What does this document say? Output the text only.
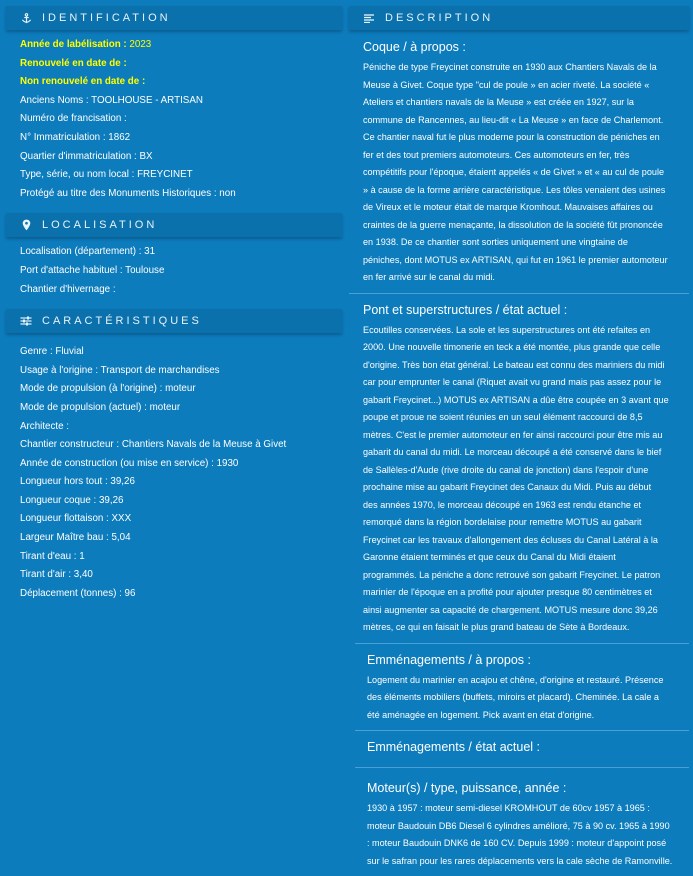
IDENTIFICATION
Année de labélisation : 2023
Renouvelé en date de :
Non renouvelé en date de :
Anciens Noms : TOOLHOUSE - ARTISAN
Numéro de francisation :
N° Immatriculation : 1862
Quartier d'immatriculation : BX
Type, série, ou nom local : FREYCINET
Protégé au titre des Monuments Historiques : non
LOCALISATION
Localisation (département) : 31
Port d'attache habituel : Toulouse
Chantier d'hivernage :
CARACTÉRISTIQUES
Genre : Fluvial
Usage à l'origine : Transport de marchandises
Mode de propulsion (à l'origine) : moteur
Mode de propulsion (actuel) : moteur
Architecte :
Chantier constructeur : Chantiers Navals de la Meuse à Givet
Année de construction (ou mise en service) : 1930
Longueur hors tout : 39,26
Longueur coque : 39,26
Longueur flottaison : XXX
Largeur Maître bau : 5,04
Tirant d'eau : 1
Tirant d'air : 3,40
Déplacement (tonnes) : 96
DESCRIPTION
Coque / à propos :

Péniche de type Freycinet construite en 1930 aux Chantiers Navals de la
Meuse à Givet. Coque type "cul de poule » en acier riveté. La société «
Ateliers et chantiers navals de la Meuse » est créée en 1927, sur la
commune de Rancennes, au lieu-dit « La Meuse » en face de Charlemont.
Ce chantier naval fut le plus moderne pour la construction de péniches en
fer et des tout premiers automoteurs. Ces automoteurs en fer, très
compétitifs pour l'époque, étaient appelés « de Givet » et « au cul de poule
» à cause de la forme arrière caractéristique. Les tôles venaient des usines
de Vireux et le moteur était de marque Kromhout. Mauvaises affaires ou
craintes de la guerre menaçante, la dissolution de la société fût prononcée
en 1938. De ce chantier sont sorties uniquement une vingtaine de
péniches, dont MOTUS ex ARTISAN, qui fut en 1961 le premier automoteur
en fer arrivé sur le canal du midi.

Pont et superstructures / état actuel :

Ecoutilles conservées. La sole et les superstructures ont été refaites en
2000. Une nouvelle timonerie en teck a été montée, plus grande que celle
d'origine. Très bon état général. Le bateau est connu des mariniers du midi
car pour emprunter le canal (Riquet avait vu grand mais pas assez pour le
gabarit Freycinet...) MOTUS ex ARTISAN a dûe être coupée en 3 avant que
poupe et proue ne soient réunies en un seul élément raccourci de 8,5
mètres. C'est le premier automoteur en fer ainsi raccourci pour être mis au
gabarit du canal du midi. Le morceau découpé a été conservé dans le bief
de Sallèles-d'Aude (rive droite du canal de jonction) dans l'espoir d'une
prochaine mise au gabarit Freycinet des Canaux du Midi. Puis au début
des années 1970, le morceau découpé en 1963 est rendu étanche et
remorqué dans la région bordelaise pour remettre MOTUS au gabarit
Freycinet car les travaux d'allongement des écluses du Canal Latéral à la
Garonne étaient terminés et que ceux du Canal du Midi étaient
programmés. La péniche a donc retrouvé son gabarit Freycinet. Le patron
marinier de l'époque en a profité pour ajouter presque 80 centimètres et
ainsi augmenter sa capacité de chargement. MOTUS mesure donc 39,26
mètres, ce qui en faisait le plus grand bateau de Sète à Bordeaux.

Emménagements / à propos :

Logement du marinier en acajou et chêne, d'origine et restauré. Présence
des éléments mobiliers (buffets, miroirs et placard). Cheminée. La cale a
été aménagée en logement. Pick avant en état d'origine.

Emménagements / état actuel :
Moteur(s) / type, puissance, année :

1930 à 1957 : moteur semi-diesel KROMHOUT de 60cv 1957 à 1965 :
moteur Baudouin DB6 Diesel 6 cylindres amélioré, 75 à 90 cv. 1965 à 1990
: moteur Baudouin DNK6 de 160 CV. Depuis 1999 : moteur d'appoint posé
sur le safran pour les rares déplacements vers la cale sèche de Ramonville.
